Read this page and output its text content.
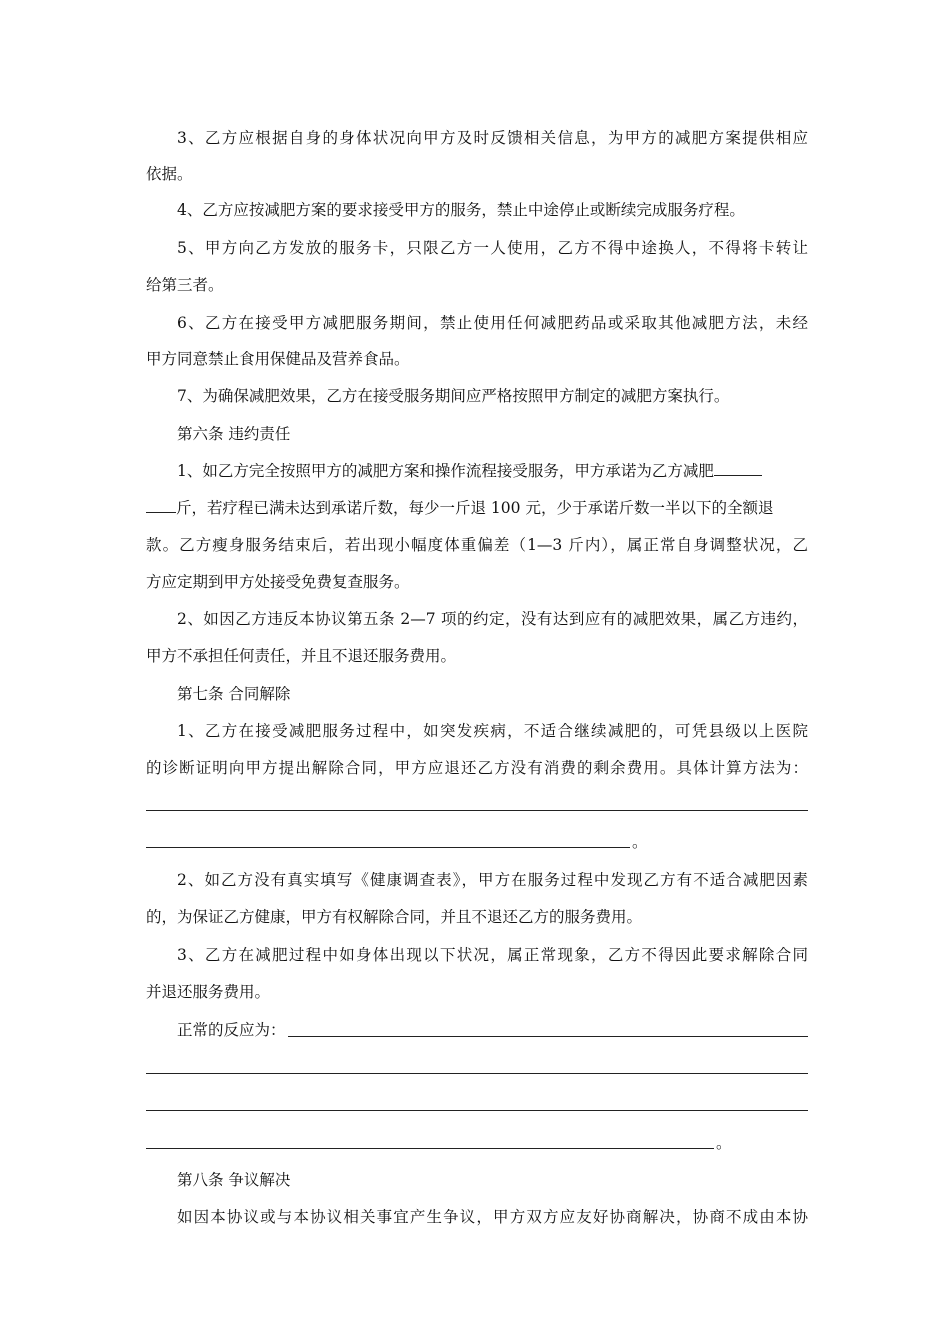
3、乙方应根据自身的身体状况向甲方及时反馈相关信息，为甲方的减肥方案提供相应
依据。
4、乙方应按减肥方案的要求接受甲方的服务，禁止中途停止或断续完成服务疗程。
5、甲方向乙方发放的服务卡，只限乙方一人使用，乙方不得中途换人，不得将卡转让
给第三者。
6、乙方在接受甲方减肥服务期间，禁止使用任何减肥药品或采取其他减肥方法，未经
甲方同意禁止食用保健品及营养食品。
7、为确保减肥效果，乙方在接受服务期间应严格按照甲方制定的减肥方案执行。
第六条 违约责任
1、如乙方完全按照甲方的减肥方案和操作流程接受服务，甲方承诺为乙方减肥
斤，若疗程已满未达到承诺斤数，每少一斤退 100 元，少于承诺斤数一半以下的全额退
款。乙方瘦身服务结束后，若出现小幅度体重偏差（1—3 斤内），属正常自身调整状况，乙
方应定期到甲方处接受免费复查服务。
2、如因乙方违反本协议第五条 2—7 项的约定，没有达到应有的减肥效果，属乙方违约，
甲方不承担任何责任，并且不退还服务费用。
第七条 合同解除
1、乙方在接受减肥服务过程中，如突发疾病，不适合继续减肥的，可凭县级以上医院
的诊断证明向甲方提出解除合同，甲方应退还乙方没有消费的剩余费用。具体计算方法为：
。
2、如乙方没有真实填写《健康调查表》，甲方在服务过程中发现乙方有不适合减肥因素
的，为保证乙方健康，甲方有权解除合同，并且不退还乙方的服务费用。
3、乙方在减肥过程中如身体出现以下状况，属正常现象，乙方不得因此要求解除合同
并退还服务费用。
正常的反应为：
。
第八条 争议解决
如因本协议或与本协议相关事宜产生争议，甲方双方应友好协商解决，协商不成由本协
